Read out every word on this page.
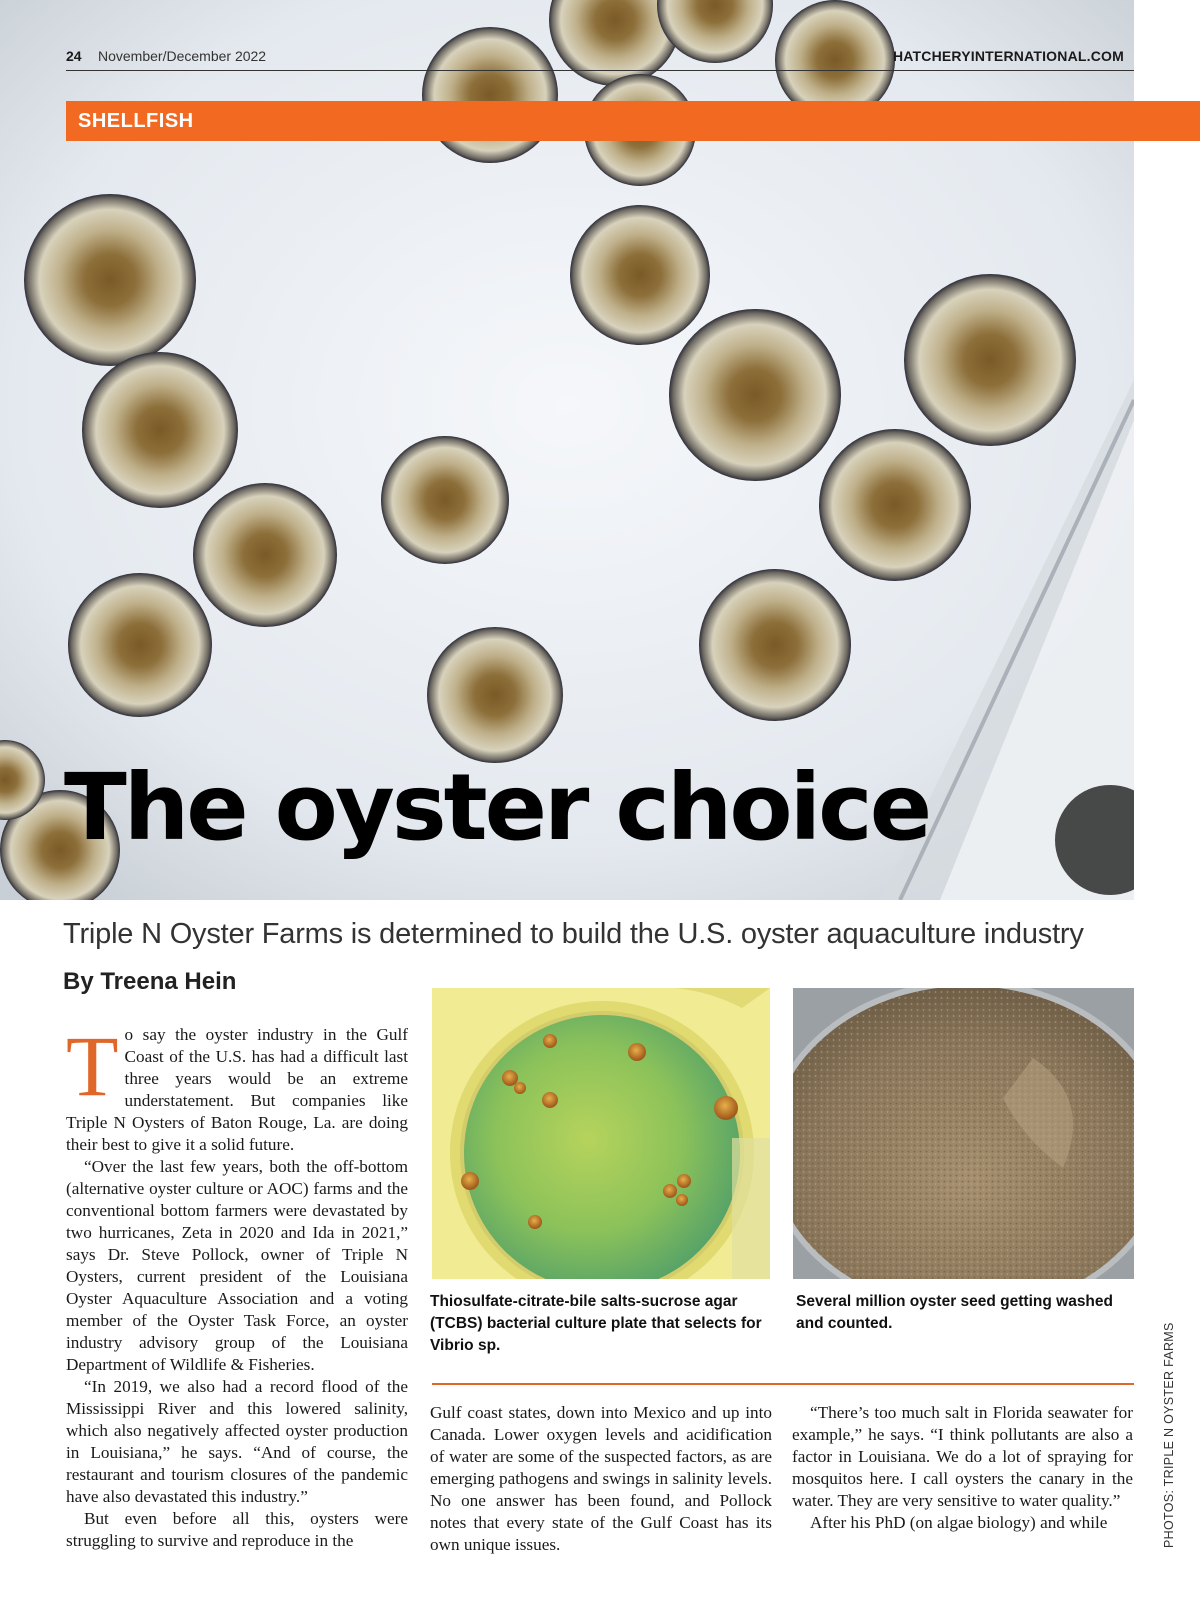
24 November/December 2022	HATCHERYINTERNATIONAL.COM
SHELLFISH
The oyster choice
Triple N Oyster Farms is determined to build the U.S. oyster aquaculture industry
By Treena Hein

To say the oyster industry in the Gulf Coast of the U.S. has had a difficult last three years would be an extreme understatement. But companies like Triple N Oysters of Baton Rouge, La. are doing their best to give it a solid future.

“Over the last few years, both the off-bottom (alternative oyster culture or AOC) farms and the conventional bottom farmers were devastated by two hurricanes, Zeta in 2020 and Ida in 2021,” says Dr. Steve Pollock, owner of Triple N Oysters, current president of the Louisiana Oyster Aquaculture Association and a voting member of the Oyster Task Force, an oyster industry advisory group of the Louisiana Department of Wildlife & Fisheries.

“In 2019, we also had a record flood of the Mississippi River and this lowered salinity, which also negatively affected oyster production in Louisiana,” he says. “And of course, the restaurant and tourism closures of the pandemic have also devastated this industry.”

But even before all this, oysters were struggling to survive and reproduce in the

Thiosulfate-citrate-bile salts-sucrose agar (TCBS) bacterial culture plate that selects for Vibrio sp.
Several million oyster seed getting washed and counted.

Gulf coast states, down into Mexico and up into Canada. Lower oxygen levels and acidification of water are some of the suspected factors, as are emerging pathogens and swings in salinity levels. No one answer has been found, and Pollock notes that every state of the Gulf Coast has its own unique issues.

“There’s too much salt in Florida seawater for example,” he says. “I think pollutants are also a factor in Louisiana. We do a lot of spraying for mosquitos here. I call oysters the canary in the water. They are very sensitive to water quality.”

After his PhD (on algae biology) and while	PHOTOS: TRIPLE N OYSTER FARMS
